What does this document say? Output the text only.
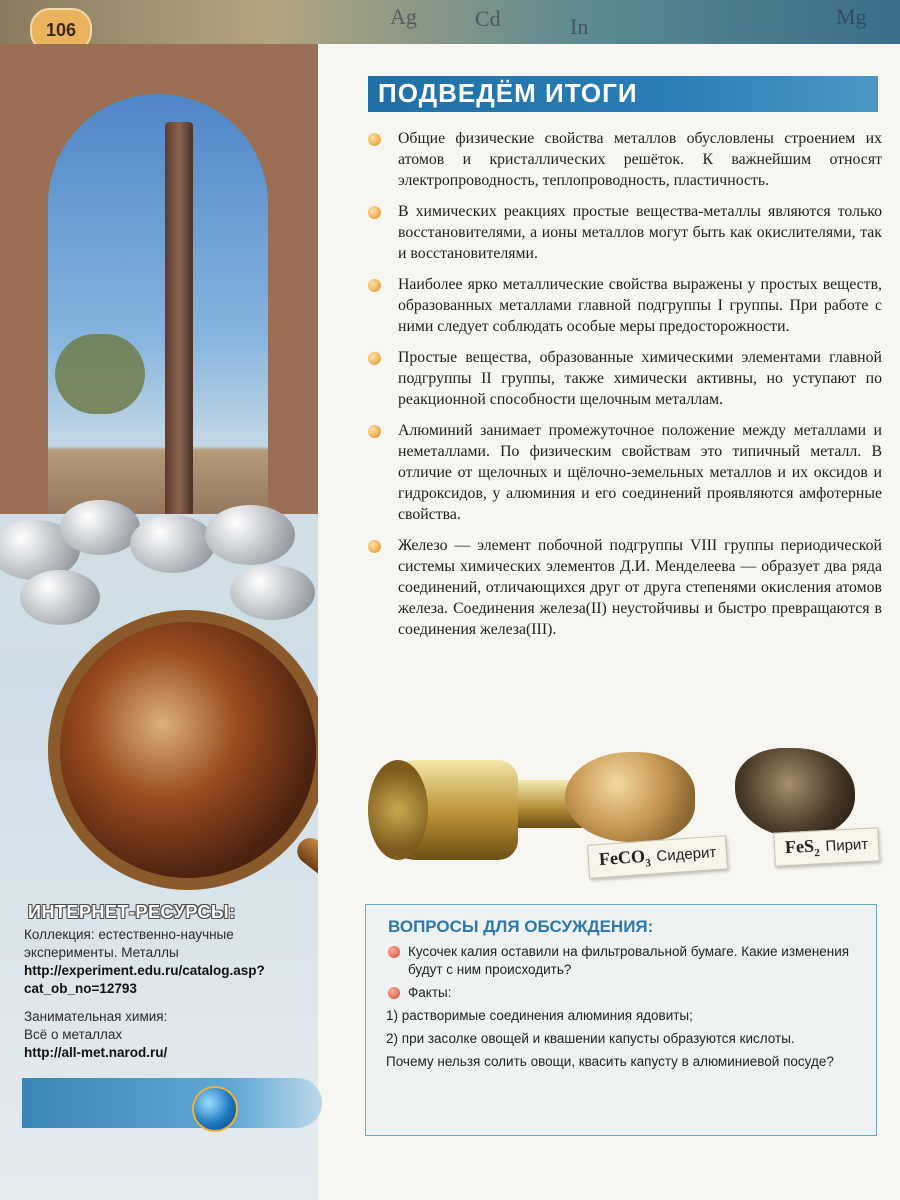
Ag	Cd	In	Mg
106
ПОДВЕДЁМ ИТОГИ
Общие физические свойства металлов обусловлены строением их атомов и кристаллических решёток. К важнейшим относят электропроводность, теплопроводность, пластичность.
В химических реакциях простые вещества-металлы являются только восстановителями, а ионы металлов могут быть как окислителями, так и восстановителями.
Наиболее ярко металлические свойства выражены у простых веществ, образованных металлами главной подгруппы I группы. При работе с ними следует соблюдать особые меры предосторожности.
Простые вещества, образованные химическими элементами главной подгруппы II группы, также химически активны, но уступают по реакционной способности щелочным металлам.
Алюминий занимает промежуточное положение между металлами и неметаллами. По физическим свойствам это типичный металл. В отличие от щелочных и щёлочно-земельных металлов и их оксидов и гидроксидов, у алюминия и его соединений проявляются амфотерные свойства.
Железо — элемент побочной подгруппы VIII группы периодической системы химических элементов Д.И. Менделеева — образует два ряда соединений, отличающихся друг от друга степенями окисления атомов железа. Соединения железа(II) неустойчивы и быстро превращаются в соединения железа(III).
FeCO$_3$ Сидерит	FeS$_2$ Пирит
ИНТЕРНЕТ-РЕСУРСЫ:
Коллекция: естественно-научные эксперименты. Металлы http://experiment.edu.ru/catalog.asp?cat_ob_no=12793
Занимательная химия:
Всё о металлах
http://all-met.narod.ru/
ВОПРОСЫ ДЛЯ ОБСУЖДЕНИЯ:
Кусочек калия оставили на фильтровальной бумаге. Какие изменения будут с ним происходить?
Факты:
1) растворимые соединения алюминия ядовиты;
2) при засолке овощей и квашении капусты образуются кислоты.
Почему нельзя солить овощи, квасить капусту в алюминиевой посуде?
